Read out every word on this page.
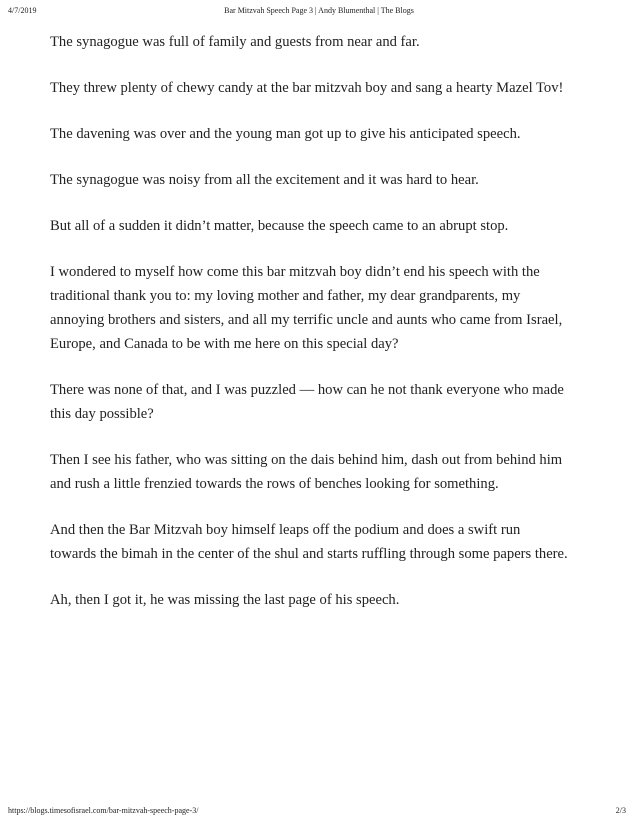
4/7/2019	Bar Mitzvah Speech Page 3 | Andy Blumenthal | The Blogs

The synagogue was full of family and guests from near and far.

They threw plenty of chewy candy at the bar mitzvah boy and sang a hearty Mazel Tov!

The davening was over and the young man got up to give his anticipated speech.

The synagogue was noisy from all the excitement and it was hard to hear.

But all of a sudden it didn’t matter, because the speech came to an abrupt stop.

I wondered to myself how come this bar mitzvah boy didn’t end his speech with the traditional thank you to: my loving mother and father, my dear grandparents, my annoying brothers and sisters, and all my terrific uncle and aunts who came from Israel, Europe, and Canada to be with me here on this special day?

There was none of that, and I was puzzled — how can he not thank everyone who made this day possible?

Then I see his father, who was sitting on the dais behind him, dash out from behind him and rush a little frenzied towards the rows of benches looking for something.

And then the Bar Mitzvah boy himself leaps off the podium and does a swift run towards the bimah in the center of the shul and starts ruffling through some papers there.

Ah, then I got it, he was missing the last page of his speech.

https://blogs.timesofisrael.com/bar-mitzvah-speech-page-3/	2/3
